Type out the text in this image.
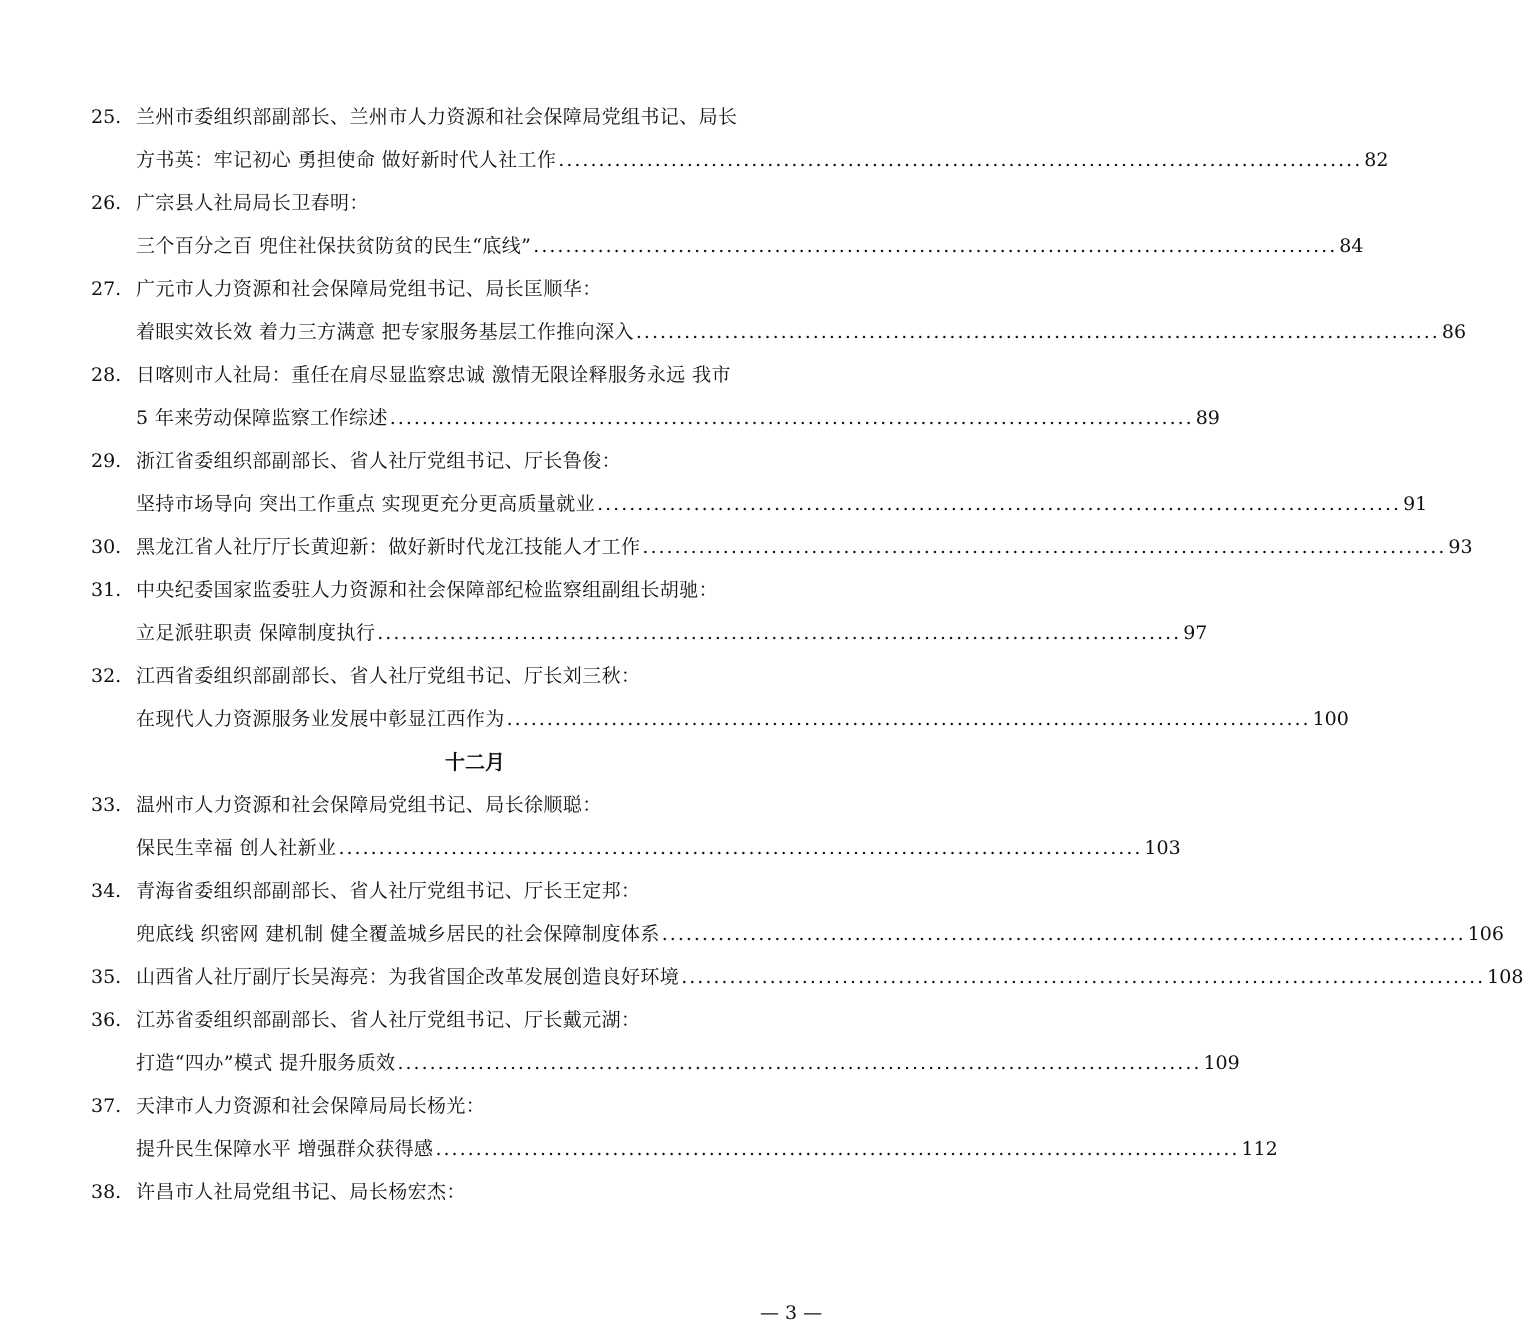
25. 兰州市委组织部副部长、兰州市人力资源和社会保障局党组书记、局长
方书英：牢记初心 勇担使命 做好新时代人社工作 .................................................................................................... 82
26. 广宗县人社局局长卫春明：
三个百分之百 兜住社保扶贫防贫的民生“底线” .................................................................................................... 84
27. 广元市人力资源和社会保障局党组书记、局长匡顺华：
着眼实效长效 着力三方满意 把专家服务基层工作推向深入 .................................................................................................... 86
28. 日喀则市人社局：重任在肩尽显监察忠诚 激情无限诠释服务永远 我市
5 年来劳动保障监察工作综述 .................................................................................................... 89
29. 浙江省委组织部副部长、省人社厅党组书记、厅长鲁俊：
坚持市场导向 突出工作重点 实现更充分更高质量就业 .................................................................................................... 91
30. 黑龙江省人社厅厅长黄迎新：做好新时代龙江技能人才工作 .................................................................................................... 93
31. 中央纪委国家监委驻人力资源和社会保障部纪检监察组副组长胡驰：
立足派驻职责 保障制度执行 .................................................................................................... 97
32. 江西省委组织部副部长、省人社厅党组书记、厅长刘三秋：
在现代人力资源服务业发展中彰显江西作为 .................................................................................................... 100
十二月
33. 温州市人力资源和社会保障局党组书记、局长徐顺聪：
保民生幸福 创人社新业 .................................................................................................... 103
34. 青海省委组织部副部长、省人社厅党组书记、厅长王定邦：
兜底线 织密网 建机制 健全覆盖城乡居民的社会保障制度体系 .................................................................................................... 106
35. 山西省人社厅副厅长吴海亮：为我省国企改革发展创造良好环境 .................................................................................................... 108
36. 江苏省委组织部副部长、省人社厅党组书记、厅长戴元湖：
打造“四办”模式 提升服务质效 .................................................................................................... 109
37. 天津市人力资源和社会保障局局长杨光：
提升民生保障水平 增强群众获得感 .................................................................................................... 112
38. 许昌市人社局党组书记、局长杨宏杰：
— 3 —
